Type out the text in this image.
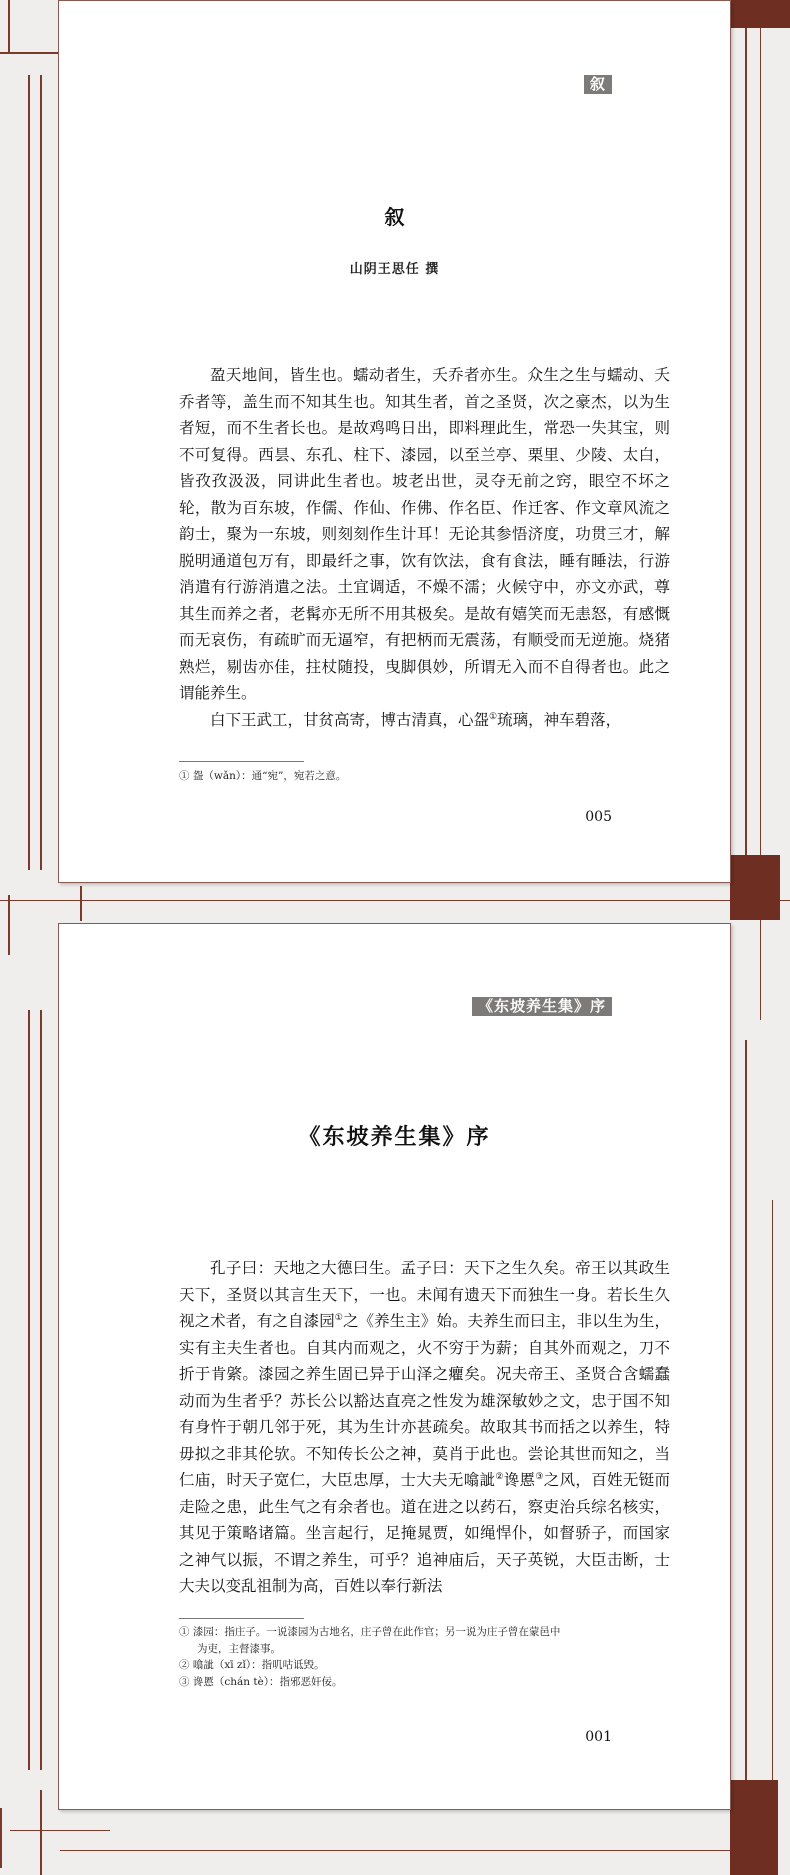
叙
叙
山阴王思任 撰

盈天地间，皆生也。蠕动者生，夭乔者亦生。众生之生与蠕动、夭乔者等，盖生而不知其生也。知其生者，首之圣贤，次之豪杰，以为生者短，而不生者长也。是故鸡鸣日出，即料理此生，常恐一失其宝，则不可复得。西昙、东孔、柱下、漆园，以至兰亭、栗里、少陵、太白，皆孜孜汲汲，同讲此生者也。坡老出世，灵夺无前之窍，眼空不坏之轮，散为百东坡，作儒、作仙、作佛、作名臣、作迁客、作文章风流之韵士，聚为一东坡，则刻刻作生计耳！无论其参悟济度，功贯三才，解脱明通道包万有，即最纤之事，饮有饮法，食有食法，睡有睡法，行游消遣有行游消遣之法。土宜调适，不燥不濡；火候守中，亦文亦武，尊其生而养之者，老髯亦无所不用其极矣。是故有嬉笑而无恚怒，有感慨而无哀伤，有疏旷而无逼窄，有把柄而无震荡，有顺受而无逆施。烧猪熟烂，剔齿亦佳，拄杖随投，曳脚俱妙，所谓无入而不自得者也。此之谓能养生。

白下王武工，甘贫高寄，博古清真，心盌①琉璃，神车碧落，

① 盌（wǎn）：通“宛”，宛若之意。

005
《东坡养生集》序
《东坡养生集》序

孔子曰：天地之大德曰生。孟子曰：天下之生久矣。帝王以其政生天下，圣贤以其言生天下，一也。未闻有遗天下而独生一身。若长生久视之术者，有之自漆园①之《养生主》始。夫养生而曰主，非以生为生，实有主夫生者也。自其内而观之，火不穷于为薪；自其外而观之，刀不折于肯綮。漆园之养生固已异于山泽之癯矣。况夫帝王、圣贤合含蠕蠢动而为生者乎？苏长公以豁达直亮之性发为雄深敏妙之文，忠于国不知有身忤于朝几邻于死，其为生计亦甚疏矣。故取其书而括之以养生，特毋拟之非其伦欤。不知传长公之神，莫肖于此也。尝论其世而知之，当仁庙，时天子宽仁，大臣忠厚，士大夫无噏訿②谗慝③之风，百姓无铤而走险之患，此生气之有余者也。道在进之以药石，察吏治兵综名核实，其见于策略诸篇。坐言起行，足掩晁贾，如绳悍仆，如督骄子，而国家之神气以振，不谓之养生，可乎？追神庙后，天子英锐，大臣击断，士大夫以变乱祖制为高，百姓以奉行新法

① 漆园：指庄子。一说漆园为古地名，庄子曾在此作官；另一说为庄子曾在蒙邑中
为吏，主督漆事。

② 噏訿（xī zǐ）：指叽咕诋毁。

③ 谗慝（chán tè）：指邪恶奸佞。

001
